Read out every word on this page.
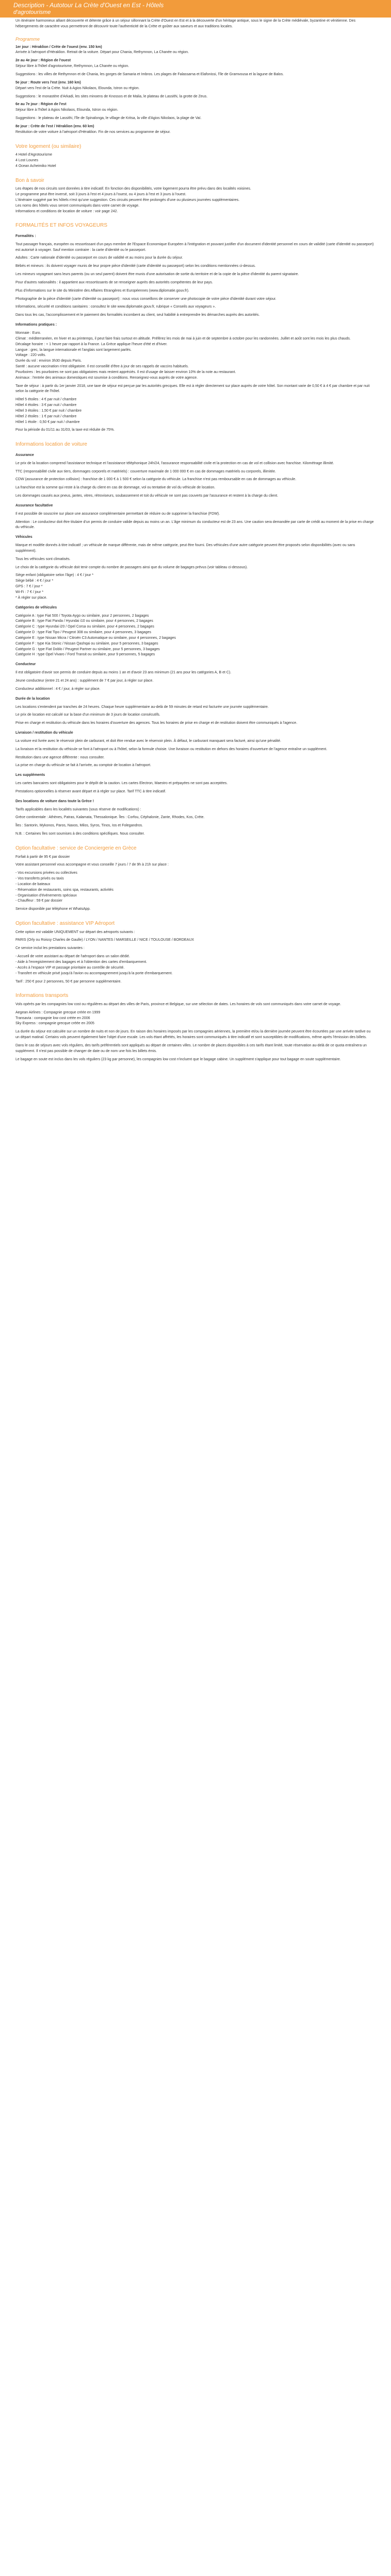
Description - Autotour La Crète d'Ouest en Est - Hôtels
d'agrotourisme

Un itinéraire harmonieux alliant découverte et détente grâce à un séjour sillonnant la Crète d'Ouest en Est et à la découverte d'un héritage antique, sous le signe de la Crète médiévale, byzantine et vénitienne. Des hébergements de caractère vous permettront de découvrir toute l'authenticité de la Crète et goûter aux saveurs et aux traditions locales.

Programme

1er jour : Héraklion / Crète de l'ouest (env. 150 km)
Arrivée à l'aéroport d'Héraklion. Retrait de la voiture. Départ pour Chania, Rethymnon, La Chanée ou région.

2e au 4e jour : Région de l'ouest
Séjour libre à l'hôtel d'agrotourisme, Rethymnon, La Chanée ou région.

Suggestions : les villes de Rethymnon et de Chania, les gorges de Samaria et Imbros. Les plages de Falassarna et Elafonissi, l'île de Gramvousa et la lagune de Balos.

5e jour : Route vers l'est (env. 160 km)
Départ vers l'est de la Crète. Nuit à Agios Nikolaos, Elounda, Istron ou région.

Suggestions : le monastère d'Arkadi, les sites minoens de Knossos et de Malia, le plateau de Lassithi, la grotte de Zeus.

6e au 7e jour : Région de l'est
Séjour libre à l'hôtel à Agios Nikolaos, Elounda, Istron ou région.

Suggestions : le plateau de Lassithi, l'île de Spinalonga, le village de Kritsa, la ville d'Agios Nikolaos, la plage de Vaï.

8e jour : Crète de l'est / Héraklion (env. 60 km)
Restitution de votre voiture à l'aéroport d'Héraklion. Fin de nos services au programme de séjour.

Votre logement (ou similaire)
4 Hotel d'Agrotourisme
4 Lost Lounes
4 Ocean Acheimiko Hotel
Bon à savoir
Les étapes de nos circuits sont données à titre indicatif. En fonction des disponibilités, votre logement pourra être prévu dans des localités voisines.
Le programme peut être inversé, soit 3 jours à l'est et 4 jours à l'ouest, ou 4 jours à l'est et 3 jours à l'ouest.
L'itinéraire suggéré par les hôtels n'est qu'une suggestion. Ces circuits peuvent être prolongés d'une ou plusieurs journées supplémentaires.
Les noms des hôtels vous seront communiqués dans votre carnet de voyage.
Informations et conditions de location de voiture : voir page 242.
FORMALITÉS ET INFOS VOYAGEURS

Formalités :

Tout passager français, européen ou ressortissant d'un pays membre de l'Espace Economique Européen à l'intégration et pouvant justifier d'un document d'identité personnel en cours de validité (carte d'identité ou passeport) est autorisé à voyager. Sauf mention contraire : la carte d'identité ou le passeport.

Adultes : Carte nationale d'identité ou passeport en cours de validité et au moins pour la durée du séjour.

Bébés et mineurs : ils doivent voyager munis de leur propre pièce d'identité (carte d'identité ou passeport) selon les conditions mentionnées ci-dessus.

Les mineurs voyageant sans leurs parents (ou un seul parent) doivent être munis d'une autorisation de sortie du territoire et de la copie de la pièce d'identité du parent signataire.

Pour d'autres nationalités : il appartient aux ressortissants de se renseigner auprès des autorités compétentes de leur pays.

Plus d'informations sur le site du Ministère des Affaires Etrangères et Européennes (www.diplomatie.gouv.fr).

Photographie de la pièce d'identité (carte d'identité ou passeport) : nous vous conseillons de conserver une photocopie de votre pièce d'identité durant votre séjour.

Informations, sécurité et conditions sanitaires : consultez le site www.diplomatie.gouv.fr, rubrique « Conseils aux voyageurs ».

Dans tous les cas, l'accomplissement et le paiement des formalités incombent au client, seul habilité à entreprendre les démarches auprès des autorités.

Informations pratiques :

Monnaie : Euro.
Climat : méditerranéen, en hiver et au printemps, il peut faire frais surtout en altitude. Préférez les mois de mai à juin et de septembre à octobre pour les randonnées. Juillet et août sont les mois les plus chauds.
Décalage horaire : + 1 heure par rapport à la France. La Grèce applique l'heure d'été et d'hiver.
Langue : grec, la langue internationale et l'anglais sont largement parlés.
Voltage : 220 volts.
Durée du vol : environ 3h30 depuis Paris.
Santé : aucune vaccination n'est obligatoire. Il est conseillé d'être à jour de ses rappels de vaccins habituels.
Pourboires : les pourboires ne sont pas obligatoires mais restent appréciés. Il est d'usage de laisser environ 10% de la note au restaurant.
Animaux : l'entrée des animaux domestiques est soumise à conditions. Renseignez-vous auprès de votre agence.

Taxe de séjour : à partir du 1er janvier 2018, une taxe de séjour est perçue par les autorités grecques. Elle est à régler directement sur place auprès de votre hôtel. Son montant varie de 0,50 € à 4 € par chambre et par nuit selon la catégorie de l'hôtel.

Hôtel 5 étoiles : 4 € par nuit / chambre
Hôtel 4 étoiles : 3 € par nuit / chambre
Hôtel 3 étoiles : 1,50 € par nuit / chambre
Hôtel 2 étoiles : 1 € par nuit / chambre
Hôtel 1 étoile : 0,50 € par nuit / chambre

Pour la période du 01/11 au 31/03, la taxe est réduite de 75%.

Informations location de voiture

Assurance

Le prix de la location comprend l'assistance technique et l'assistance téléphonique 24h/24, l'assurance responsabilité civile et la protection en cas de vol et collision avec franchise. Kilométrage illimité.

TTC (responsabilité civile aux tiers, dommages corporels et matériels) : couverture maximale de 1 000 000 € en cas de dommages matériels ou corporels, illimitée.

CDW (assurance de protection collision) : franchise de 1 000 € à 1 500 € selon la catégorie du véhicule. La franchise n'est pas remboursable en cas de dommages au véhicule.

La franchise est la somme qui reste à la charge du client en cas de dommage, vol ou tentative de vol du véhicule de location.

Les dommages causés aux pneus, jantes, vitres, rétroviseurs, soubassement et toit du véhicule ne sont pas couverts par l'assurance et restent à la charge du client.

Assurance facultative

Il est possible de souscrire sur place une assurance complémentaire permettant de réduire ou de supprimer la franchise (FDW).

Attention : Le conducteur doit être titulaire d'un permis de conduire valide depuis au moins un an. L'âge minimum du conducteur est de 23 ans. Une caution sera demandée par carte de crédit au moment de la prise en charge du véhicule.

Véhicules

Marque et modèle donnés à titre indicatif ; un véhicule de marque différente, mais de même catégorie, peut être fourni. Des véhicules d'une autre catégorie peuvent être proposés selon disponibilités (avec ou sans supplément).

Tous les véhicules sont climatisés.

Le choix de la catégorie du véhicule doit tenir compte du nombre de passagers ainsi que du volume de bagages prévus (voir tableau ci-dessous).

Siège enfant (obligatoire selon l'âge) : 4 € / jour *
Siège bébé : 4 € / jour *
GPS : 7 € / jour *
Wi-Fi : 7 € / jour *
* À régler sur place.

Catégories de véhicules

Catégorie A : type Fiat 500 / Toyota Aygo ou similaire, pour 2 personnes, 2 bagages
Catégorie B : type Fiat Panda / Hyundai i10 ou similaire, pour 4 personnes, 2 bagages
Catégorie C : type Hyundai i20 / Opel Corsa ou similaire, pour 4 personnes, 2 bagages
Catégorie D : type Fiat Tipo / Peugeot 308 ou similaire, pour 4 personnes, 3 bagages
Catégorie E : type Nissan Micra / Citroën C3 Automatique ou similaire, pour 4 personnes, 2 bagages
Catégorie F : type Kia Stonic / Nissan Qashqai ou similaire, pour 5 personnes, 3 bagages
Catégorie G : type Fiat Doblo / Peugeot Partner ou similaire, pour 5 personnes, 3 bagages
Catégorie H : type Opel Vivaro / Ford Transit ou similaire, pour 9 personnes, 5 bagages

Conducteur

Il est obligatoire d'avoir son permis de conduire depuis au moins 1 an et d'avoir 23 ans minimum (21 ans pour les catégories A, B et C).

Jeune conducteur (entre 21 et 24 ans) : supplément de 7 € par jour, à régler sur place.

Conducteur additionnel : 4 € / jour, à régler sur place.

Durée de la location

Les locations s'entendent par tranches de 24 heures. Chaque heure supplémentaire au-delà de 59 minutes de retard est facturée une journée supplémentaire.

Le prix de location est calculé sur la base d'un minimum de 3 jours de location consécutifs.

Prise en charge et restitution du véhicule dans les horaires d'ouverture des agences. Tous les horaires de prise en charge et de restitution doivent être communiqués à l'agence.

Livraison / restitution du véhicule

La voiture est livrée avec le réservoir plein de carburant, et doit être rendue avec le réservoir plein. À défaut, le carburant manquant sera facturé, ainsi qu'une pénalité.

La livraison et la restitution du véhicule se font à l'aéroport ou à l'hôtel, selon la formule choisie. Une livraison ou restitution en dehors des horaires d'ouverture de l'agence entraîne un supplément.

Restitution dans une agence différente : nous consulter.

La prise en charge du véhicule se fait à l'arrivée, au comptoir de location à l'aéroport.

Les suppléments

Les cartes bancaires sont obligatoires pour le dépôt de la caution. Les cartes Electron, Maestro et prépayées ne sont pas acceptées.

Prestations optionnelles à réserver avant départ et à régler sur place. Tarif TTC à titre indicatif.

Des locations de voiture dans toute la Grèce !

Tarifs applicables dans les localités suivantes (sous réserve de modifications) :

Grèce continentale : Athènes, Patras, Kalamata, Thessalonique. Îles : Corfou, Céphalonie, Zante, Rhodes, Kos, Crète.

Îles : Santorin, Mykonos, Paros, Naxos, Milos, Syros, Tinos, Ios et Folegandros.

N.B. : Certaines îles sont soumises à des conditions spécifiques. Nous consulter.

Option facultative : service de Conciergerie en Grèce

Forfait à partir de 95 € par dossier

Votre assistant personnel vous accompagne et vous conseille 7 jours / 7 de 9h à 21h sur place :

- Vos excursions privées ou collectives
- Vos transferts privés ou taxis
- Location de bateaux
- Réservation de restaurants, soins spa, restaurants, activités
- Organisation d'événements spéciaux
- Chauffeur : 59 € par dossier

Service disponible par téléphone et WhatsApp.

Option facultative : assistance VIP Aéroport

Cette option est valable UNIQUEMENT sur départ des aéroports suivants :

PARIS (Orly ou Roissy Charles de Gaulle) / LYON / NANTES / MARSEILLE / NICE / TOULOUSE / BORDEAUX

Ce service inclut les prestations suivantes :

- Accueil de votre assistant au départ de l'aéroport dans un salon dédié.
- Aide à l'enregistrement des bagages et à l'obtention des cartes d'embarquement.
- Accès à l'espace VIP et passage prioritaire au contrôle de sécurité.
- Transfert en véhicule privé jusqu'à l'avion ou accompagnement jusqu'à la porte d'embarquement.

Tarif : 250 € pour 2 personnes, 50 € par personne supplémentaire.

Informations transports

Vols opérés par les compagnies low cost ou régulières au départ des villes de Paris, province et Belgique, sur une sélection de dates. Les horaires de vols sont communiqués dans votre carnet de voyage.

Aegean Airlines : Compagnie grecque créée en 1999
Transavia : compagnie low cost créée en 2006
Sky Express : compagnie grecque créée en 2005

La durée du séjour est calculée sur un nombre de nuits et non de jours. En raison des horaires imposés par les compagnies aériennes, la première et/ou la dernière journée peuvent être écourtées par une arrivée tardive ou un départ matinal. Certains vols peuvent également faire l'objet d'une escale. Les vols étant affrétés, les horaires sont communiqués à titre indicatif et sont susceptibles de modifications, même après l'émission des billets.

Dans le cas de séjours avec vols réguliers, des tarifs préférentiels sont appliqués au départ de certaines villes. Le nombre de places disponibles à ces tarifs étant limité, toute réservation au-delà de ce quota entraînera un supplément. Il n'est pas possible de changer de date ou de nom une fois les billets émis.

Le bagage en soute est inclus dans les vols réguliers (23 kg par personne), les compagnies low cost n'incluent que le bagage cabine. Un supplément s'applique pour tout bagage en soute supplémentaire.
